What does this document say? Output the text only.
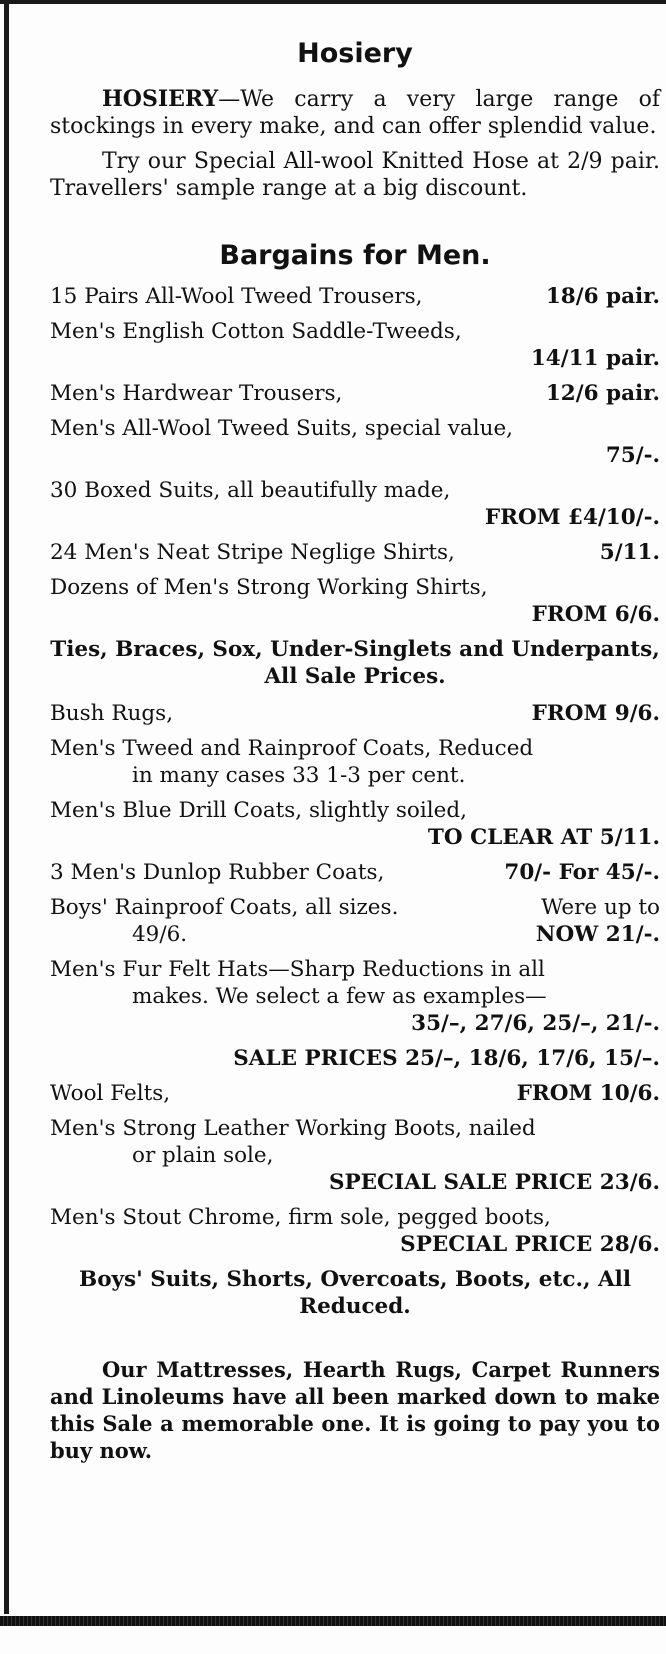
Hosiery

HOSIERY—We carry a very large range of stockings in every make, and can offer splendid value.

Try our Special All-wool Knitted Hose at 2/9 pair. Travellers' sample range at a big discount.

Bargains for Men.
15 Pairs All-Wool Tweed Trousers,	18/6 pair.
Men's English Cotton Saddle-Tweeds,
14/11 pair.
Men's Hardwear Trousers,	12/6 pair.
Men's All-Wool Tweed Suits, special value,
75/-.
30 Boxed Suits, all beautifully made,
FROM £4/10/-.
24 Men's Neat Stripe Neglige Shirts,	5/11.
Dozens of Men's Strong Working Shirts,
FROM 6/6.
Ties, Braces, Sox, Under-Singlets and Underpants, All Sale Prices.
Bush Rugs,	FROM 9/6.
Men's Tweed and Rainproof Coats, Reduced
in many cases 33 1-3 per cent.
Men's Blue Drill Coats, slightly soiled,
TO CLEAR AT 5/11.
3 Men's Dunlop Rubber Coats,	70/- For 45/-.
Boys' Rainproof Coats, all sizes.	Were up to
49/6.	NOW 21/-.
Men's Fur Felt Hats—Sharp Reductions in all
makes. We select a few as examples—
35/–, 27/6, 25/–, 21/-.
SALE PRICES 25/–, 18/6, 17/6, 15/–.
Wool Felts,	FROM 10/6.
Men's Strong Leather Working Boots, nailed
or plain sole,
SPECIAL SALE PRICE 23/6.
Men's Stout Chrome, firm sole, pegged boots,
SPECIAL PRICE 28/6.
Boys' Suits, Shorts, Overcoats, Boots, etc., All Reduced.

Our Mattresses, Hearth Rugs, Carpet Runners and Linoleums have all been marked down to make this Sale a memorable one. It is going to pay you to buy now.
